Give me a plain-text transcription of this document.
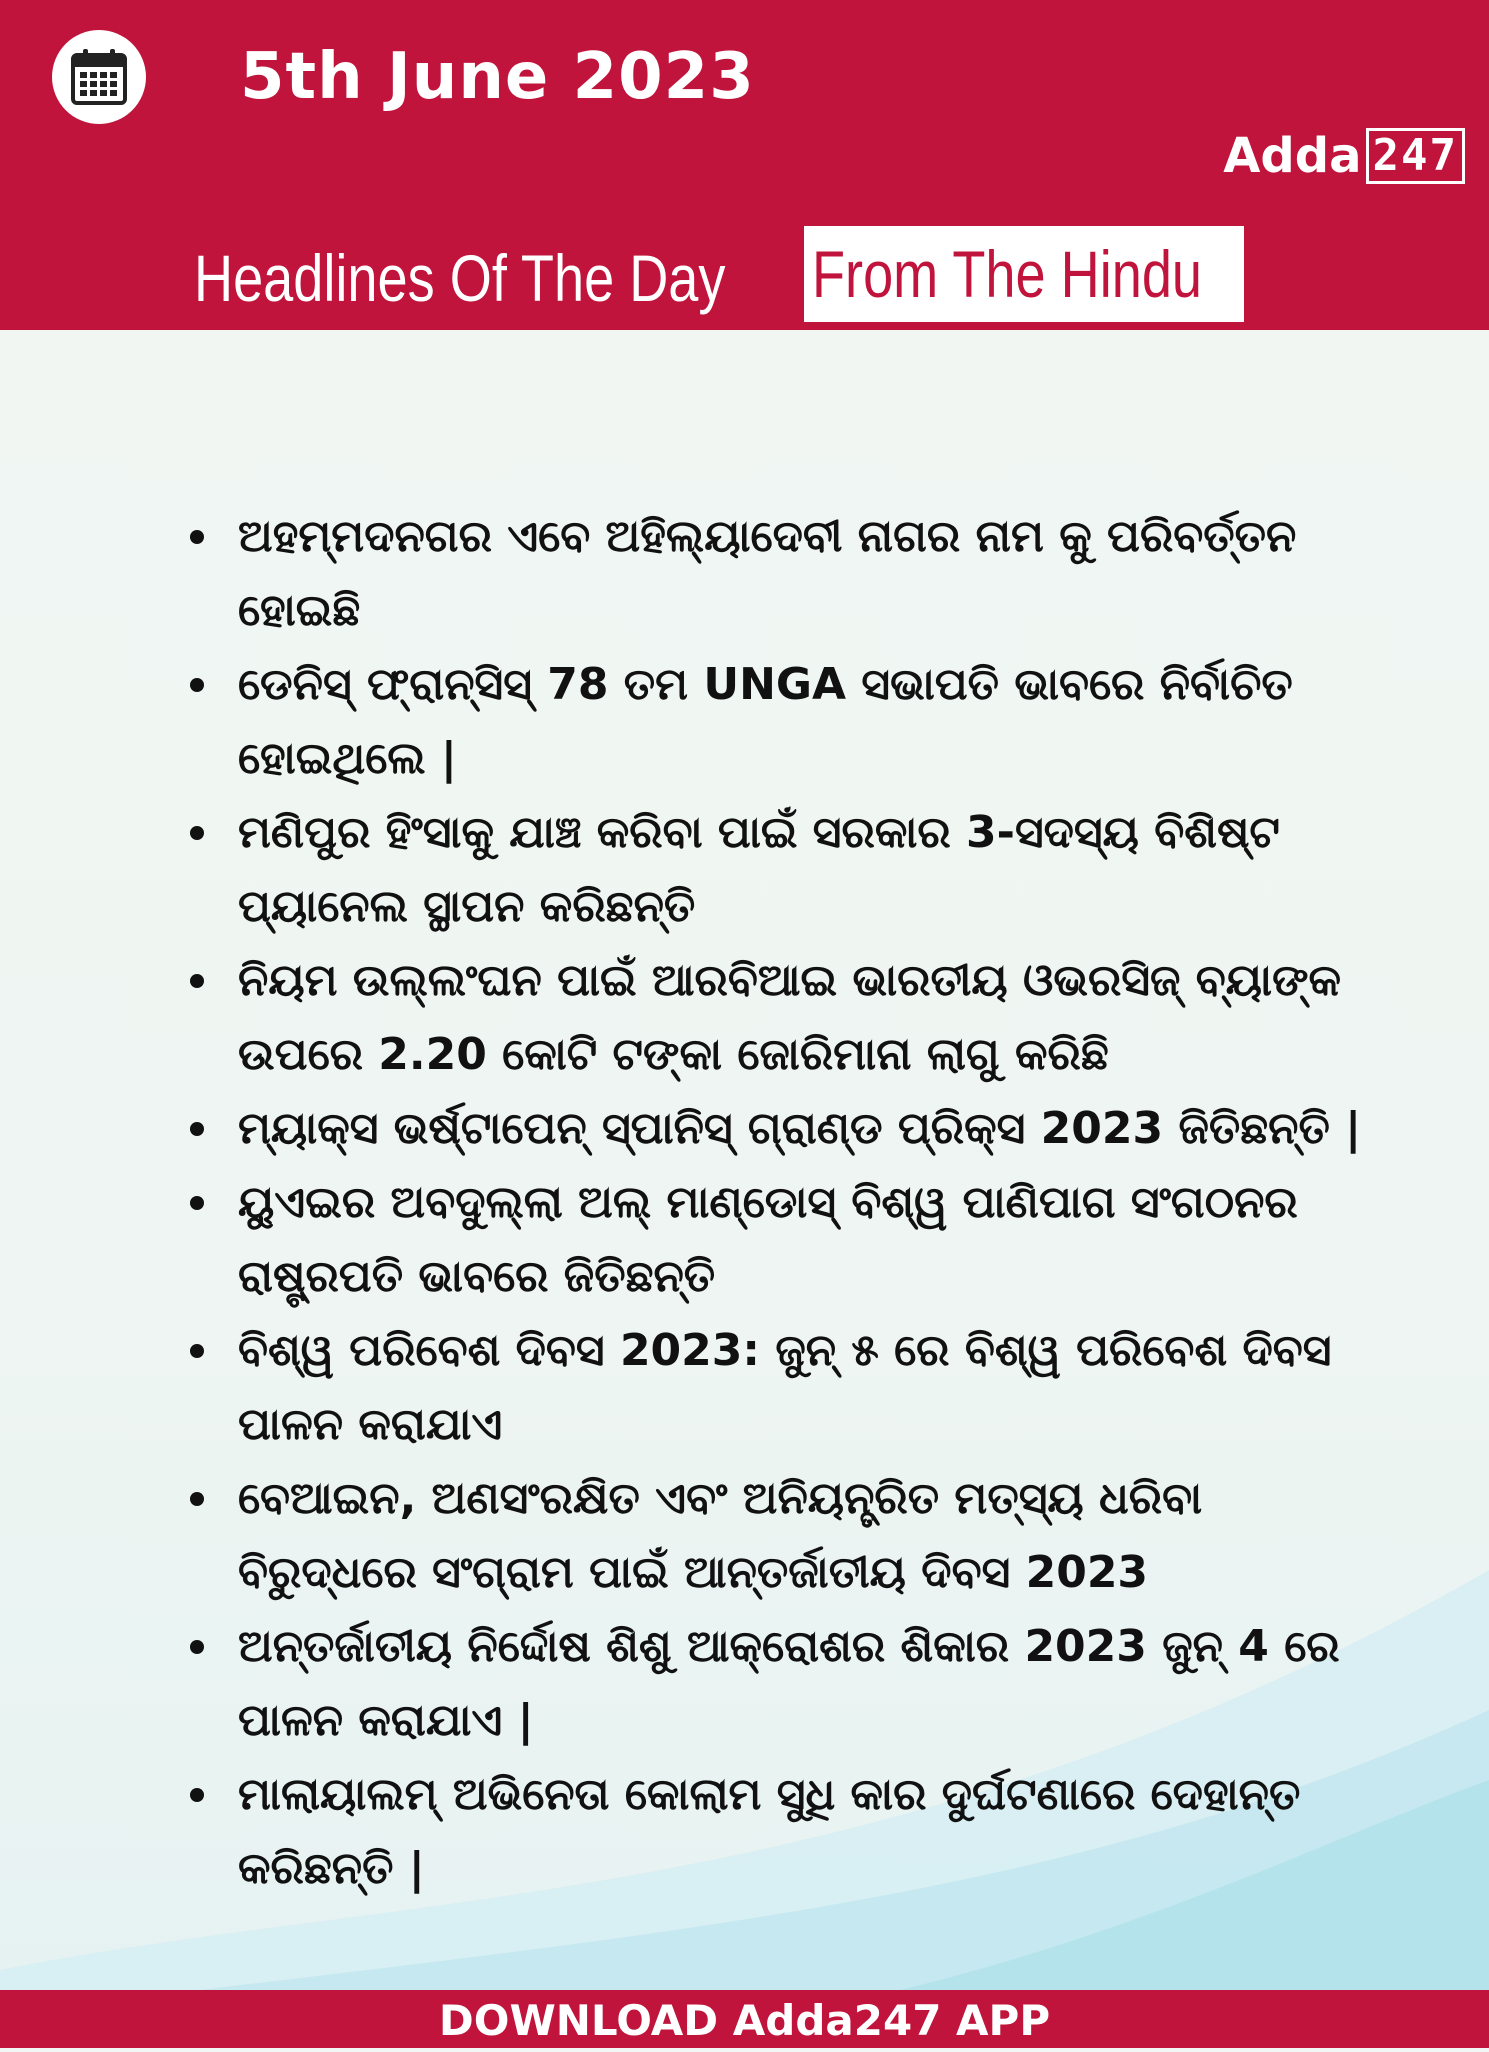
5th June 2023
Adda 247
Headlines Of The Day From The Hindu
ଅହମ୍ମଦନଗର ଏବେ ଅହିଲ୍ୟାଦେବୀ ନାଗର ନାମ କୁ ପରିବର୍ତ୍ତନ ହୋଇଛି
ଡେନିସ୍ ଫ୍ରାନ୍ସିସ୍ 78 ତମ UNGA ସଭାପତି ଭାବରେ ନିର୍ବାଚିତ ହୋଇଥିଲେ |
ମଣିପୁର ହିଂସାକୁ ଯାଞ୍ଚ କରିବା ପାଇଁ ସରକାର 3-ସଦସ୍ୟ ବିଶିଷ୍ଟ ପ୍ୟାନେଲ ସ୍ଥାପନ କରିଛନ୍ତି
ନିୟମ ଉଲ୍ଲଂଘନ ପାଇଁ ଆରବିଆଇ ଭାରତୀୟ ଓଭରସିଜ୍ ବ୍ୟାଙ୍କ ଉପରେ 2.20 କୋଟି ଟଙ୍କା ଜୋରିମାନା ଲାଗୁ କରିଛି
ମ୍ୟାକ୍ସ ଭର୍ଷ୍ଟାପେନ୍ ସ୍ପାନିସ୍ ଗ୍ରାଣ୍ଡ ପ୍ରିକ୍ସ 2023 ଜିତିଛନ୍ତି |
ୟୁଏଇର ଅବଦୁଲ୍ଲା ଅଲ୍ ମାଣ୍ଡୋସ୍ ବିଶ୍ୱ ପାଣିପାଗ ସଂଗଠନର ରାଷ୍ଟ୍ରପତି ଭାବରେ ଜିତିଛନ୍ତି
ବିଶ୍ୱ ପରିବେଶ ଦିବସ 2023: ଜୁନ୍ ୫ ରେ ବିଶ୍ୱ ପରିବେଶ ଦିବସ ପାଳନ କରାଯାଏ
ବେଆଇନ, ଅଣସଂରକ୍ଷିତ ଏବଂ ଅନିୟନ୍ତ୍ରିତ ମତ୍ସ୍ୟ ଧରିବା ବିରୁଦ୍ଧରେ ସଂଗ୍ରାମ ପାଇଁ ଆନ୍ତର୍ଜାତୀୟ ଦିବସ 2023
ଅନ୍ତର୍ଜାତୀୟ ନିର୍ଦ୍ଦୋଷ ଶିଶୁ ଆକ୍ରୋଶର ଶିକାର 2023 ଜୁନ୍ 4 ରେ ପାଳନ କରାଯାଏ |
ମାଲାୟାଲମ୍ ଅଭିନେତା କୋଲାମ ସୁଧି କାର ଦୁର୍ଘଟଣାରେ ଦେହାନ୍ତ କରିଛନ୍ତି |
DOWNLOAD Adda247 APP
